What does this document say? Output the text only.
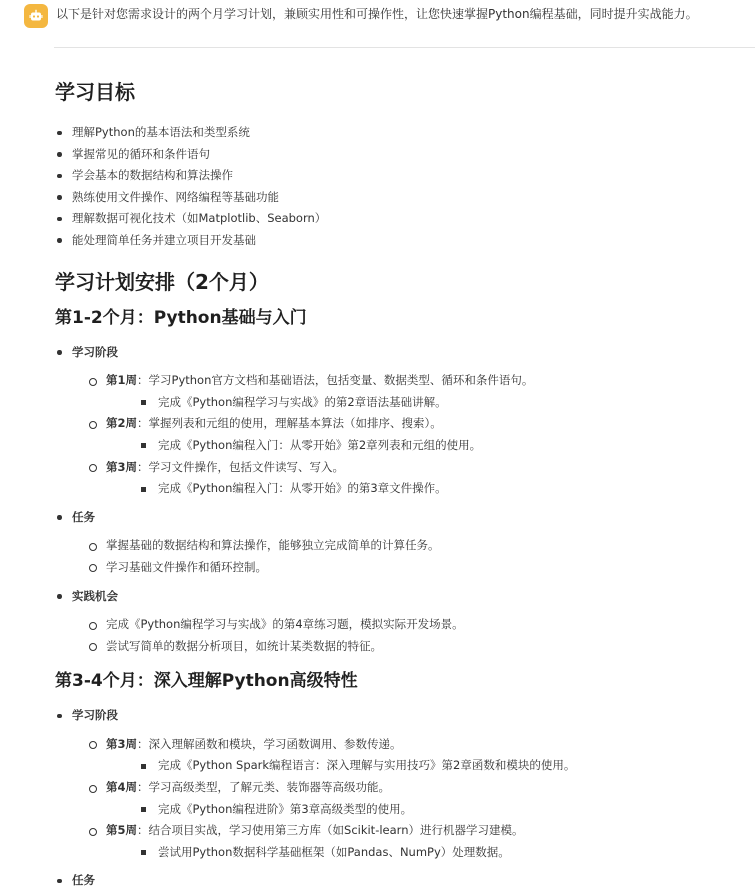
以下是针对您需求设计的两个月学习计划，兼顾实用性和可操作性，让您快速掌握Python编程基础，同时提升实战能力。
学习目标
理解Python的基本语法和类型系统
掌握常见的循环和条件语句
学会基本的数据结构和算法操作
熟练使用文件操作、网络编程等基础功能
理解数据可视化技术（如Matplotlib、Seaborn）
能处理简单任务并建立项目开发基础
学习计划安排（2个月）
第1-2个月：Python基础与入门
学习阶段
第1周：学习Python官方文档和基础语法，包括变量、数据类型、循环和条件语句。
完成《Python编程学习与实战》的第2章语法基础讲解。
第2周：掌握列表和元组的使用，理解基本算法（如排序、搜索）。
完成《Python编程入门：从零开始》第2章列表和元组的使用。
第3周：学习文件操作，包括文件读写、写入。
完成《Python编程入门：从零开始》的第3章文件操作。
任务
掌握基础的数据结构和算法操作，能够独立完成简单的计算任务。
学习基础文件操作和循环控制。
实践机会
完成《Python编程学习与实战》的第4章练习题，模拟实际开发场景。
尝试写简单的数据分析项目，如统计某类数据的特征。
第3-4个月：深入理解Python高级特性
学习阶段
第3周：深入理解函数和模块，学习函数调用、参数传递。
完成《Python Spark编程语言：深入理解与实用技巧》第2章函数和模块的使用。
第4周：学习高级类型，了解元类、装饰器等高级功能。
完成《Python编程进阶》第3章高级类型的使用。
第5周：结合项目实战，学习使用第三方库（如Scikit-learn）进行机器学习建模。
尝试用Python数据科学基础框架（如Pandas、NumPy）处理数据。
任务
